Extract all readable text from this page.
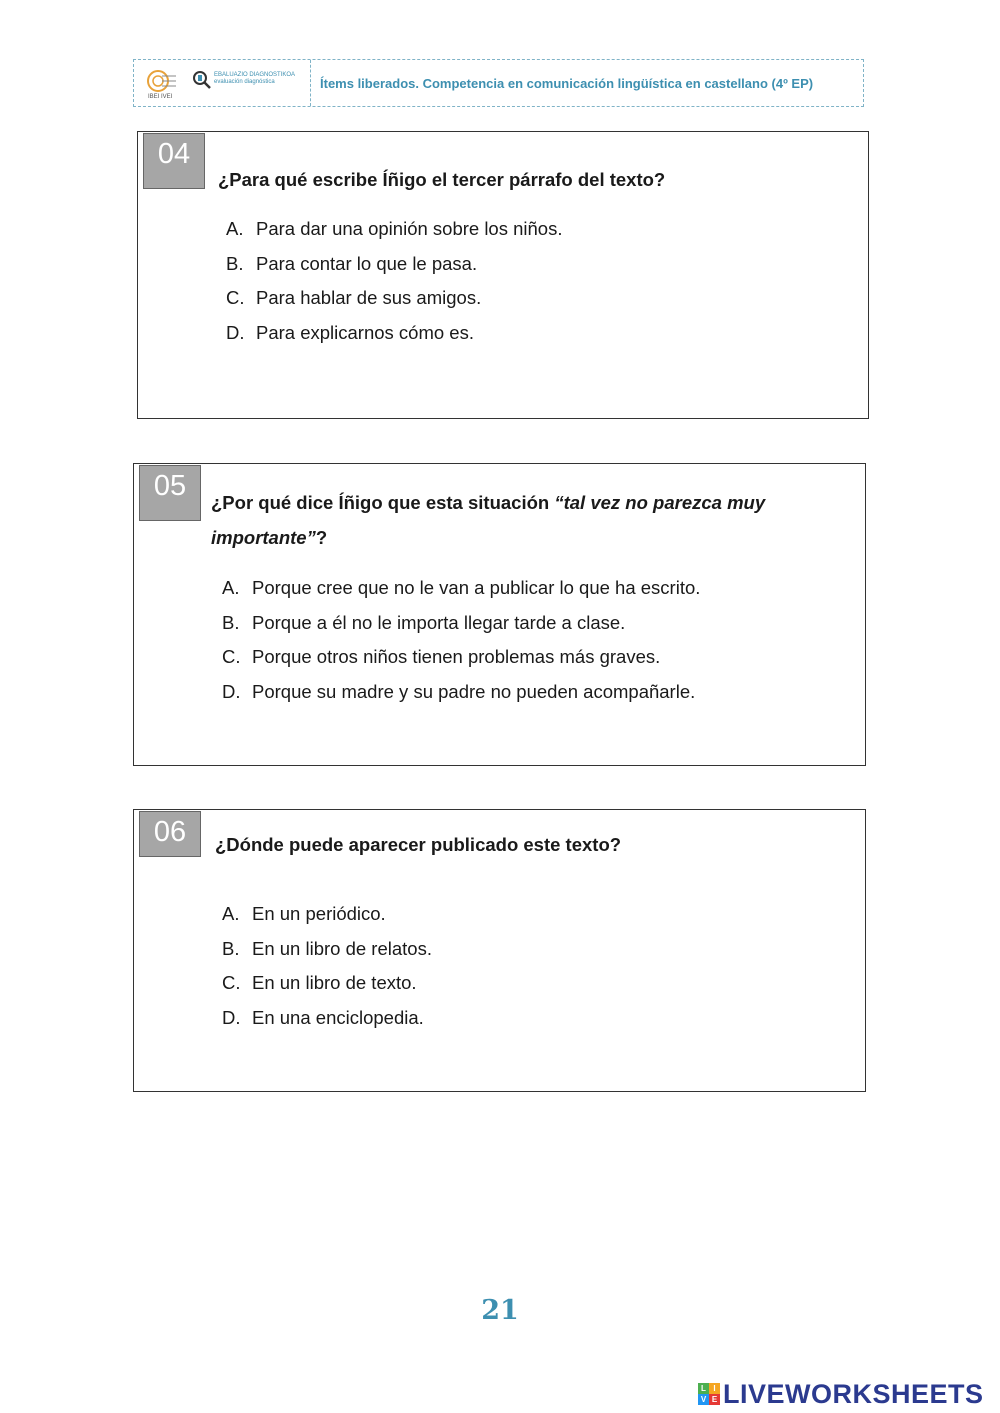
IBEI IVEI
EBALUAZIO DIAGNOSTIKOA
evaluación diagnóstica	Ítems liberados. Competencia en comunicación lingüística en castellano (4º EP)
04
¿Para qué escribe Íñigo el tercer párrafo del texto?
A. Para dar una opinión sobre los niños.
B. Para contar lo que le pasa.
C. Para hablar de sus amigos.
D. Para explicarnos cómo es.
05
¿Por qué dice Íñigo que esta situación “tal vez no parezca muy importante”?
A. Porque cree que no le van a publicar lo que ha escrito.
B. Porque a él no le importa llegar tarde a clase.
C. Porque otros niños tienen problemas más graves.
D. Porque su madre y su padre no pueden acompañarle.
06	¿Dónde puede aparecer publicado este texto?
A. En un periódico.
B. En un libro de relatos.
C. En un libro de texto.
D. En una enciclopedia.
21
L I
V E LIVEWORKSHEETS
